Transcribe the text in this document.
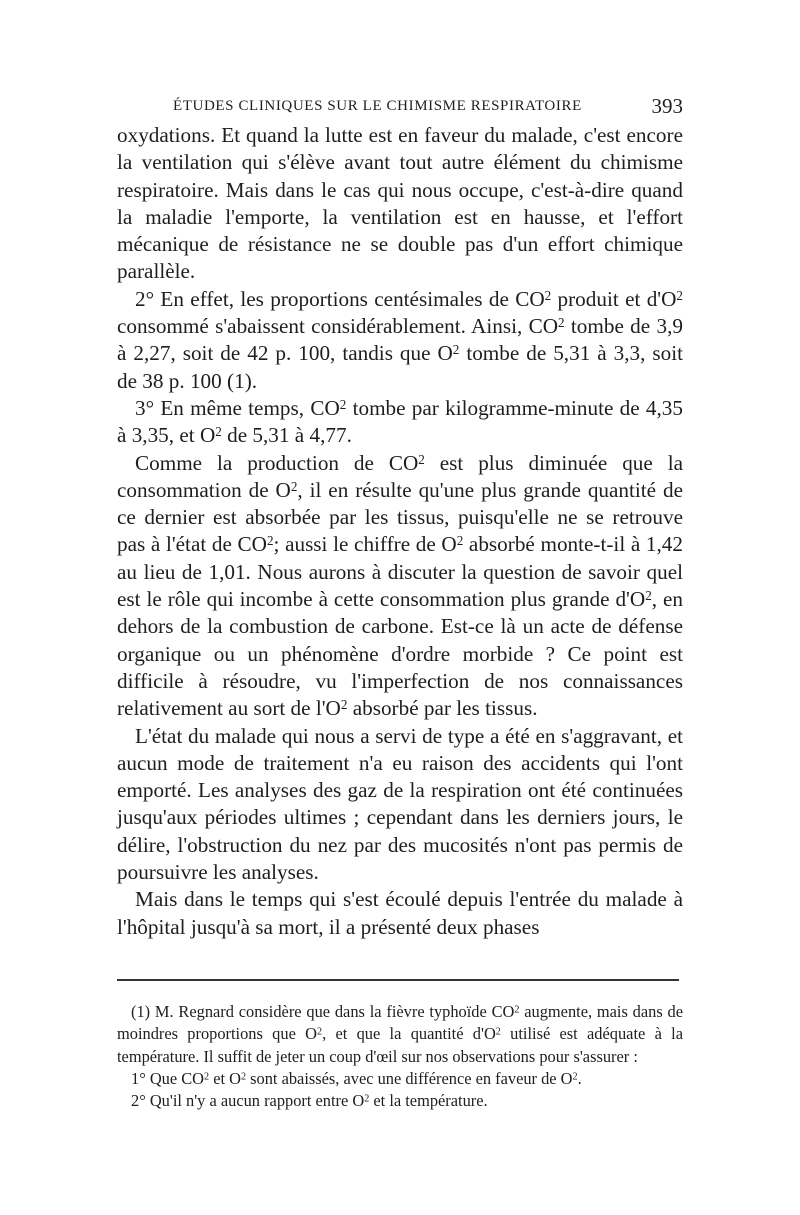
ÉTUDES CLINIQUES SUR LE CHIMISME RESPIRATOIRE	393

oxydations. Et quand la lutte est en faveur du malade, c'est encore la ventilation qui s'élève avant tout autre élément du chimisme respiratoire. Mais dans le cas qui nous occupe, c'est-à-dire quand la maladie l'emporte, la ventilation est en hausse, et l'effort mécanique de résistance ne se double pas d'un effort chimique parallèle.

2° En effet, les proportions centésimales de $CO^2$ produit et $d'O^2$ consommé s'abaissent considérablement. Ainsi, $CO^2$ tombe de 3,9 à 2,27, soit de 42 p. 100, tandis que $O^2$ tombe de 5,31 à 3,3, soit de 38 p. 100 (1).

3° En même temps, $CO^2$ tombe par kilogramme-minute de 4,35 à 3,35, et $O^2$ de 5,31 à 4,77.

Comme la production de $CO^2$ est plus diminuée que la consommation de $O^2$, il en résulte qu'une plus grande quantité de ce dernier est absorbée par les tissus, puisqu'elle ne se retrouve pas à l'état de $CO^2$; aussi le chiffre de $O^2$ absorbé monte-t-il à 1,42 au lieu de 1,01. Nous aurons à discuter la question de savoir quel est le rôle qui incombe à cette consommation plus grande $d'O^2$, en dehors de la combustion de carbone. Est-ce là un acte de défense organique ou un phénomène d'ordre morbide ? Ce point est difficile à résoudre, vu l'imperfection de nos connaissances relativement au sort de $l'O^2$ absorbé par les tissus.

L'état du malade qui nous a servi de type a été en s'aggravant, et aucun mode de traitement n'a eu raison des accidents qui l'ont emporté. Les analyses des gaz de la respiration ont été continuées jusqu'aux périodes ultimes ; cependant dans les derniers jours, le délire, l'obstruction du nez par des mucosités n'ont pas permis de poursuivre les analyses.

Mais dans le temps qui s'est écoulé depuis l'entrée du malade à l'hôpital jusqu'à sa mort, il a présenté deux phases

(1) M. Regnard considère que dans la fièvre typhoïde $CO^2$ augmente, mais dans de moindres proportions que $O^2$, et que la quantité $d'O^2$ utilisé est adéquate à la température. Il suffit de jeter un coup d'œil sur nos observations pour s'assurer :

1° Que $CO^2$ et $O^2$ sont abaissés, avec une différence en faveur de $O^2$.

2° Qu'il n'y a aucun rapport entre $O^2$ et la température.
